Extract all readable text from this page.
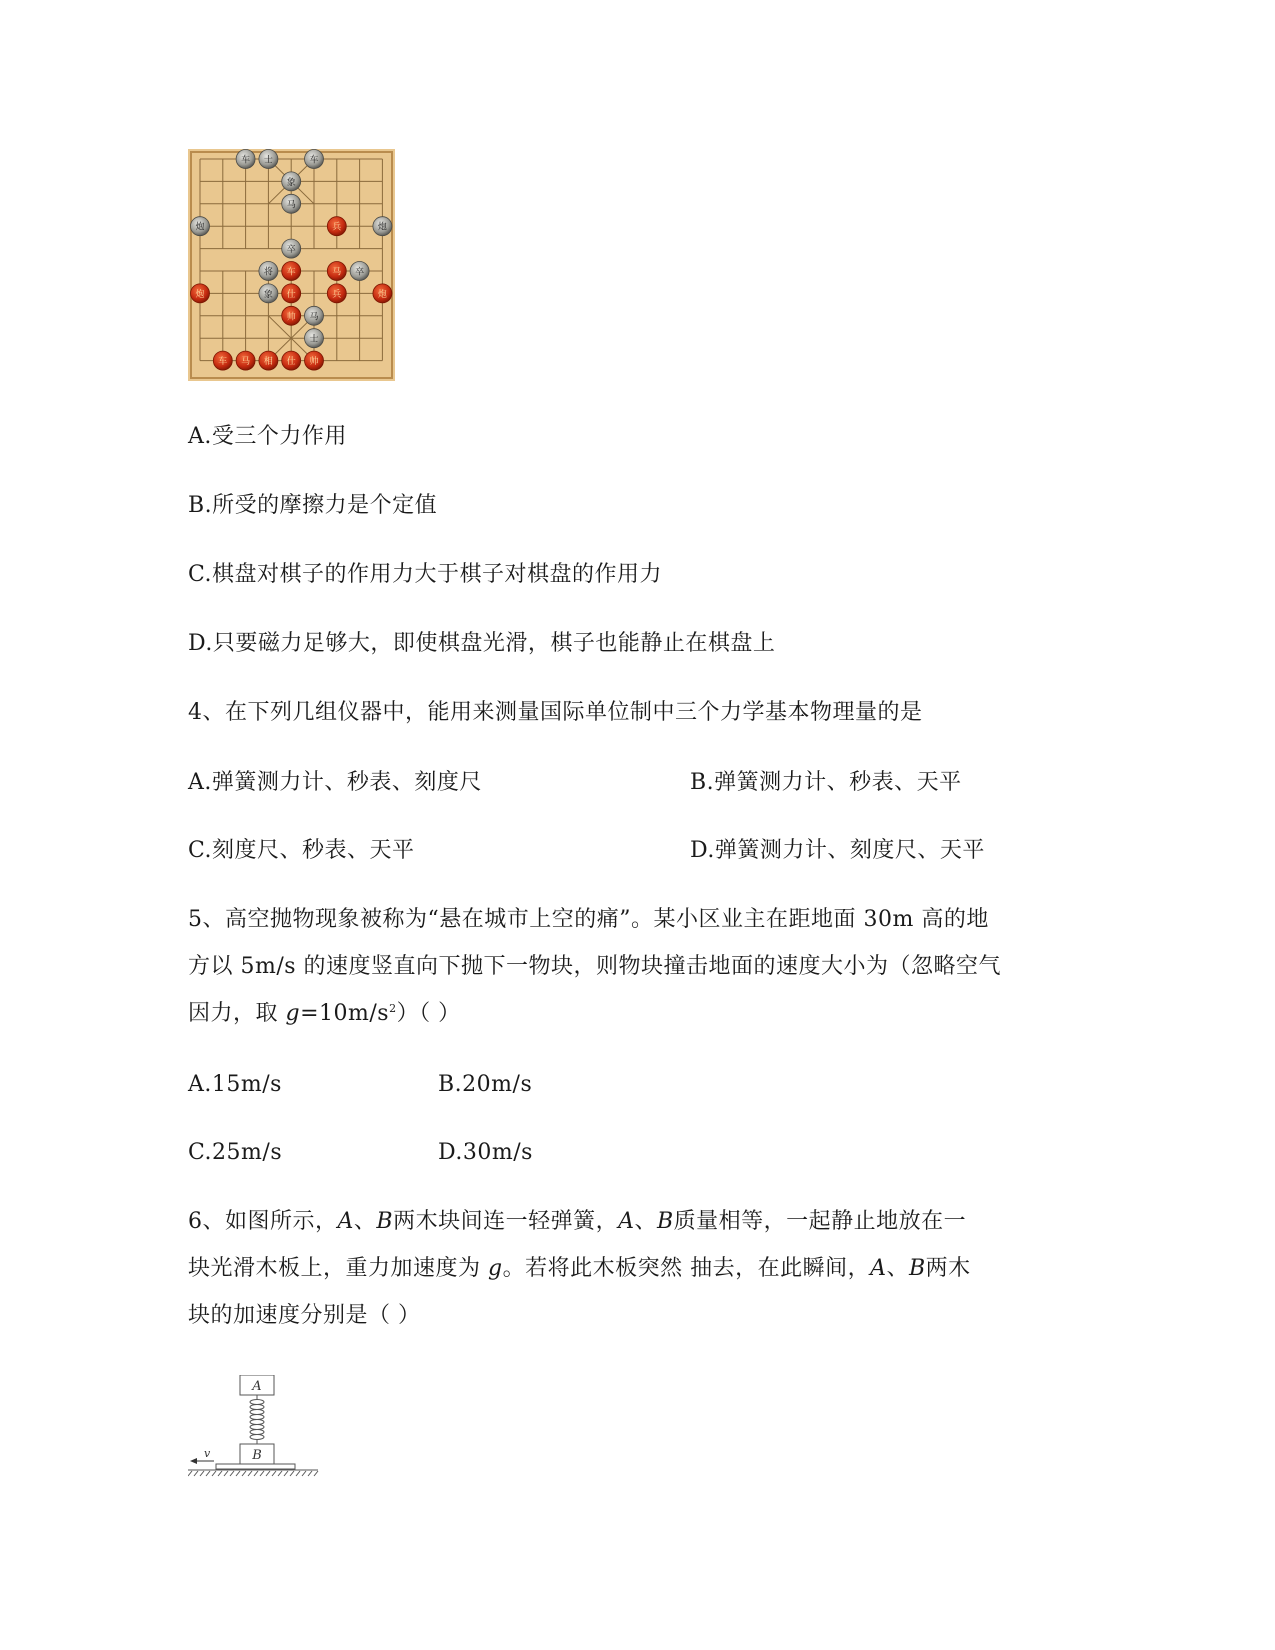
车 士	车
象
马
炮	兵	炮
卒
车
将	马 卒
炮	象 仕	兵	炮
帅 马
士
车 马 相 仕 帅
A.受三个力作用
B.所受的摩擦力是个定值
C.棋盘对棋子的作用力大于棋子对棋盘的作用力
D.只要磁力足够大，即使棋盘光滑，棋子也能静止在棋盘上
4、在下列几组仪器中，能用来测量国际单位制中三个力学基本物理量的是
A.弹簧测力计、秒表、刻度尺	B.弹簧测力计、秒表、天平
C.刻度尺、秒表、天平	D.弹簧测力计、刻度尺、天平
5、高空抛物现象被称为“悬在城市上空的痛”。某小区业主在距地面 30m 高的地
方以 5m/s 的速度竖直向下抛下一物块，则物块撞击地面的速度大小为（忽略空气
因力，取 $g=10m/s^2$）（ ）
A.15m/s	B.20m/s
C.25m/s	D.30m/s
6、如图所示，A、B两木块间连一轻弹簧，A、B质量相等，一起静止地放在一
块光滑木板上，重力加速度为 g。若将此木板突然 抽去，在此瞬间，A、B两木
块的加速度分别是（ ）
A
B
v
